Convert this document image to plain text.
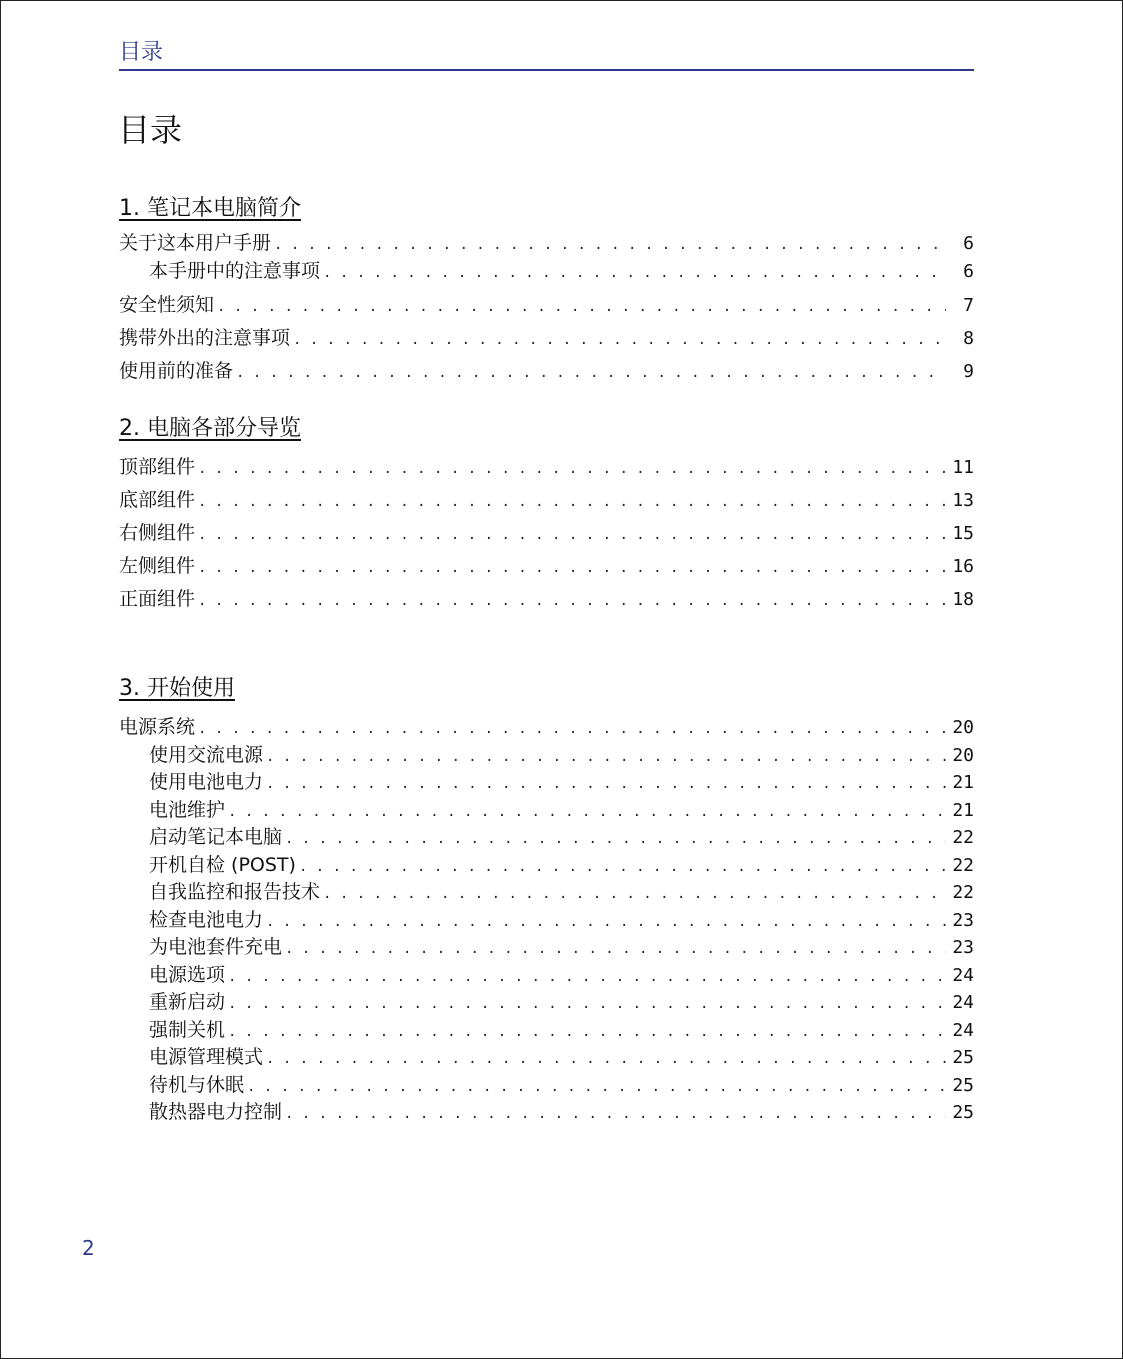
目录
目录
1. 笔记本电脑简介
关于这本用户手册 . . .	6
本手册中的注意事项 . . .	6
安全性须知 . . .	7
携带外出的注意事项 . . .	8
使用前的准备 . . .	9
2. 电脑各部分导览
顶部组件 . . .	11
底部组件 . . .	13
右侧组件 . . .	15
左侧组件 . . .	16
正面组件 . . .	18
3. 开始使用
电源系统 . . .	20
使用交流电源 . . .	20
使用电池电力 . . .	21
电池维护 . . .	21
启动笔记本电脑 . . .	22
开机自检 (POST) . . .	22
自我监控和报告技术 . . .	22
检查电池电力 . . .	23
为电池套件充电 . . .	23
电源选项 . . .	24
重新启动 . . .	24
强制关机 . . .	24
电源管理模式 . . .	25
待机与休眠 . . .	25
散热器电力控制 . . .	25
2
